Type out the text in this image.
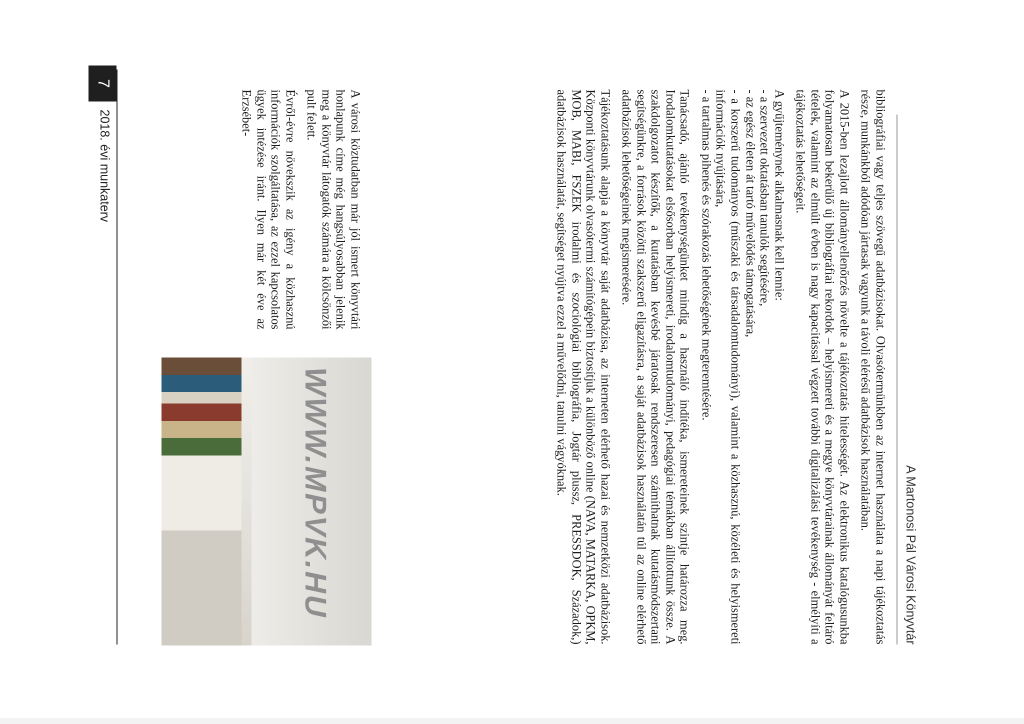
A Martonosi Pál Városi Könyvtár

bibliográfiai vagy teljes szövegű adatbázisokat. Olvasótermünkben az internet használata a napi tájékoztatás része, munkánkból adódóan jártasak vagyunk a távoli elérésű adatbázisok használatában.

A 2015-ben lezajlott állományellenőrzés növelte a tájékoztatás hitelességét. Az elektronikus katalógusunkba folyamatosan bekerülő új bibliográfiai rekordok – helyismereti és a megye könyvtárainak állományát feltáró tételek, valamint az elmúlt évben is nagy kapacitással végzett további digitalizálási tevékenység - elmélyíti a tájékoztatás lehetőségeit.

A gyűjteménynek alkalmasnak kell lennie:

- a szervezett oktatásban tanulók segítésére,

- az egész életen át tartó művelődés támogatására,

- a korszerű tudományos (műszaki és társadalomtudományi), valamint a közhasznú, közéleti és helyismereti információk nyújtására,

- a tartalmas pihenés és szórakozás lehetőségének megteremtésére.

Tanácsadó, ajánló tevékenységünket mindig a használó indítéka, ismereteinek szintje határozza meg. Irodalomkutatásokat elsősorban helyismereti, irodalomtudományi, pedagógiai témákban állítottunk össze. A szakdolgozatot készítők, a kutatásban kevésbé járatosak rendszeresen számíthatnak kutatásmódszertani segítségünkre, a források közötti szakszerű eligazításra, a saját adatbázisok használatán túl az online elérhető adatbázisok lehetőségeinek megismerésére.

Tájékoztatásunk alapja a könyvtár saját adatbázisa, az interneten elérhető hazai és nemzetközi adatbázisok. Központi könyvtárunk olvasótermi számítógépein biztosítjuk a különböző online (NAVA, MATARKA, OPKM, MOB, MABI, FSZEK irodalmi és szociológiai bibliográfia, Jogtár plussz, PRESSDOK, Századok,) adatbázisok használatát, segítséget nyújtva ezzel a művelődni, tanulni vágyóknak.

A városi köztudatban már jól ismert könyvtári honlapunk címe még hangsúlyosabban jelenik meg a könyvtár látogatók számára a kölcsönzői pult felett.

Évről-évre növekszik az igény a közhasznú információk szolgáltatása, az ezzel kapcsolatos ügyek intézése iránt. Ilyen már két éve az Erzsébet-

WWW.MPVK.HU
7
2018. évi munkaterv
